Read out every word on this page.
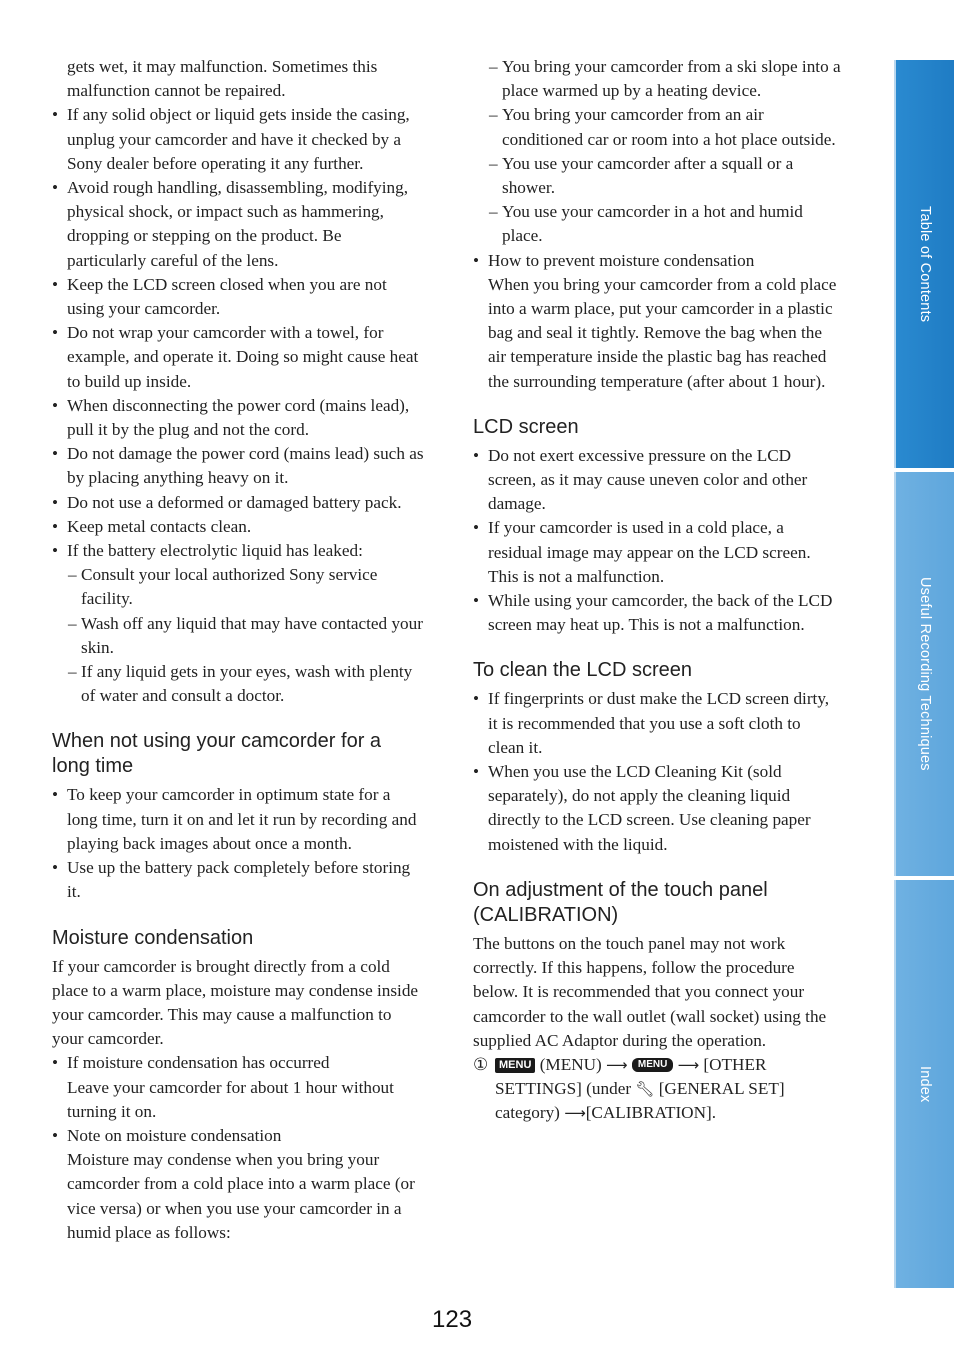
gets wet, it may malfunction. Sometimes this malfunction cannot be repaired.

• If any solid object or liquid gets inside the casing, unplug your camcorder and have it checked by a Sony dealer before operating it any further.

• Avoid rough handling, disassembling, modifying, physical shock, or impact such as hammering, dropping or stepping on the product. Be particularly careful of the lens.

• Keep the LCD screen closed when you are not using your camcorder.

• Do not wrap your camcorder with a towel, for example, and operate it. Doing so might cause heat to build up inside.

• When disconnecting the power cord (mains lead), pull it by the plug and not the cord.

• Do not damage the power cord (mains lead) such as by placing anything heavy on it.

• Do not use a deformed or damaged battery pack.

• Keep metal contacts clean.

• If the battery electrolytic liquid has leaked:

– Consult your local authorized Sony service facility.

– Wash off any liquid that may have contacted your skin.

– If any liquid gets in your eyes, wash with plenty of water and consult a doctor.

When not using your camcorder for a long time

• To keep your camcorder in optimum state for a long time, turn it on and let it run by recording and playing back images about once a month.

• Use up the battery pack completely before storing it.

Moisture condensation

If your camcorder is brought directly from a cold place to a warm place, moisture may condense inside your camcorder. This may cause a malfunction to your camcorder.

• If moisture condensation has occurred

Leave your camcorder for about 1 hour without turning it on.

• Note on moisture condensation

Moisture may condense when you bring your camcorder from a cold place into a warm place (or vice versa) or when you use your camcorder in a humid place as follows:

– You bring your camcorder from a ski slope into a place warmed up by a heating device.

– You bring your camcorder from an air conditioned car or room into a hot place outside.

– You use your camcorder after a squall or a shower.

– You use your camcorder in a hot and humid place.

• How to prevent moisture condensation

When you bring your camcorder from a cold place into a warm place, put your camcorder in a plastic bag and seal it tightly. Remove the bag when the air temperature inside the plastic bag has reached the surrounding temperature (after about 1 hour).

LCD screen

• Do not exert excessive pressure on the LCD screen, as it may cause uneven color and other damage.

• If your camcorder is used in a cold place, a residual image may appear on the LCD screen. This is not a malfunction.

• While using your camcorder, the back of the LCD screen may heat up. This is not a malfunction.

To clean the LCD screen

• If fingerprints or dust make the LCD screen dirty, it is recommended that you use a soft cloth to clean it.

• When you use the LCD Cleaning Kit (sold separately), do not apply the cleaning liquid directly to the LCD screen. Use cleaning paper moistened with the liquid.

On adjustment of the touch panel (CALIBRATION)

The buttons on the touch panel may not work correctly. If this happens, follow the procedure below. It is recommended that you connect your camcorder to the wall outlet (wall socket) using the supplied AC Adaptor during the operation.

① MENU (MENU) ⟶ MENU ⟶ [OTHER SETTINGS] (under 🔧︎ [GENERAL SET] category) ⟶[CALIBRATION].
123
Table of Contents
Useful Recording Techniques
Index
